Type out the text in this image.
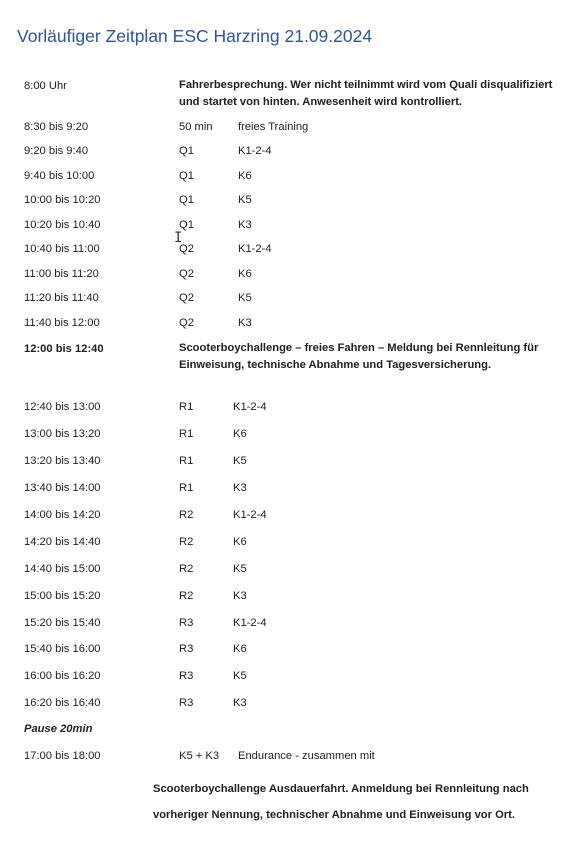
Vorläufiger Zeitplan ESC Harzring 21.09.2024
8:00 Uhr	Fahrerbesprechung. Wer nicht teilnimmt wird vom Quali disqualifiziert und startet von hinten. Anwesenheit wird kontrolliert.
8:30 bis 9:20	50 min freies Training
9:20 bis 9:40	Q1	K1-2-4
9:40 bis 10:00	Q1	K6
10:00 bis 10:20	Q1	K5
10:20 bis 10:40	Q1	K3
10:40 bis 11:00	Q2	K1-2-4
11:00 bis 11:20	Q2	K6
11:20 bis 11:40	Q2	K5
11:40 bis 12:00	Q2	K3
I
12:00 bis 12:40	Scooterboychallenge – freies Fahren – Meldung bei Rennleitung für Einweisung, technische Abnahme und Tagesversicherung.
12:40 bis 13:00	R1	K1-2-4
13:00 bis 13:20	R1	K6
13:20 bis 13:40	R1	K5
13:40 bis 14:00	R1	K3
14:00 bis 14:20	R2	K1-2-4
14:20 bis 14:40	R2	K6
14:40 bis 15:00	R2	K5
15:00 bis 15:20	R2	K3
15:20 bis 15:40	R3	K1-2-4
15:40 bis 16:00	R3	K6
16:00 bis 16:20	R3	K5
16:20 bis 16:40	R3	K3
Pause 20min
17:00 bis 18:00	K5 + K3 Endurance - zusammen mit
Scooterboychallenge Ausdauerfahrt. Anmeldung bei Rennleitung nach
vorheriger Nennung, technischer Abnahme und Einweisung vor Ort.
